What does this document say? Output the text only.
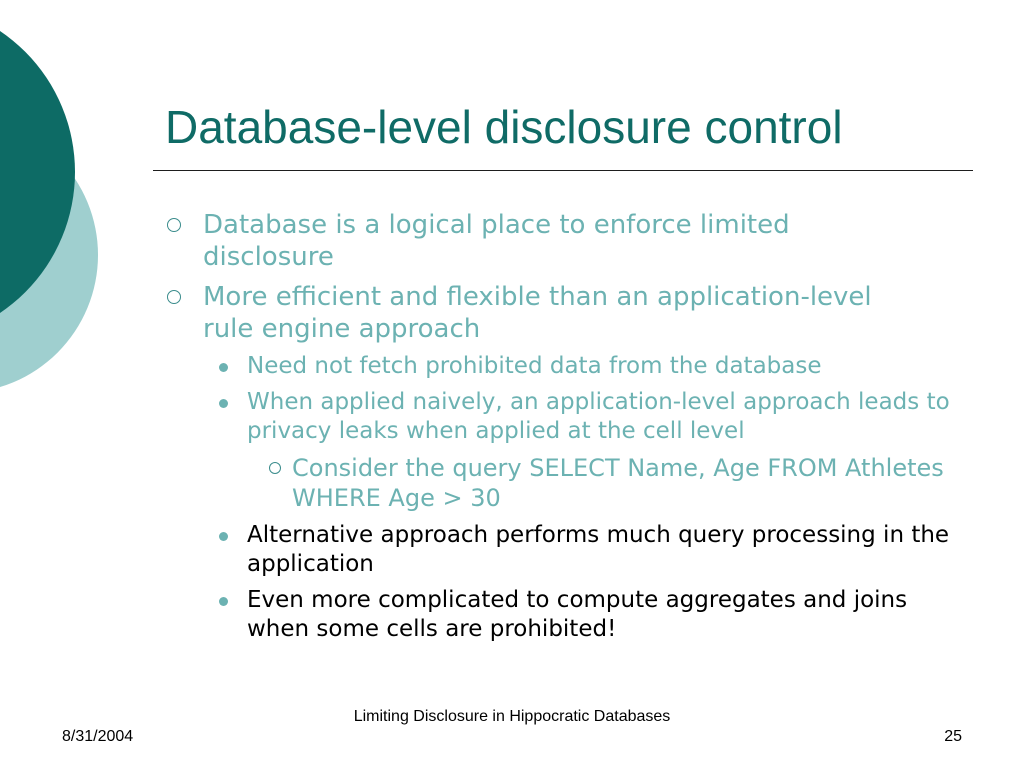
Database-level disclosure control
Database is a logical place to enforce limited disclosure
More efficient and flexible than an application-level rule engine approach
Need not fetch prohibited data from the database
When applied naively, an application-level approach leads to privacy leaks when applied at the cell level
Consider the query SELECT Name, Age FROM Athletes WHERE Age > 30
Alternative approach performs much query processing in the application
Even more complicated to compute aggregates and joins when some cells are prohibited!
8/31/2004
Limiting Disclosure in Hippocratic Databases
25
